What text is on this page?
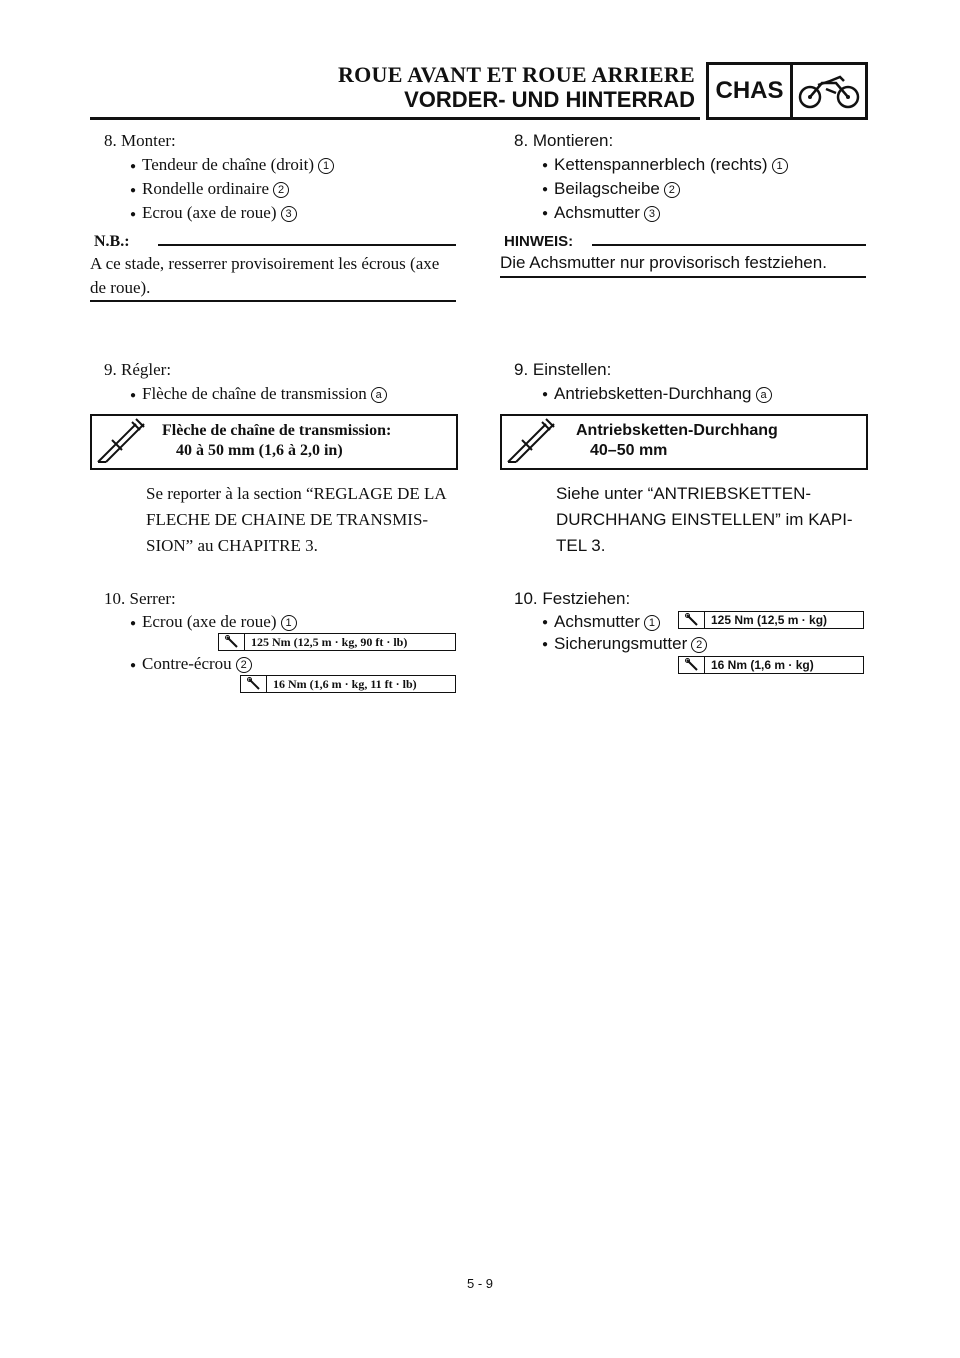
ROUE AVANT ET ROUE ARRIERE
VORDER- UND HINTERRAD CHAS
8. Monter:
● Tendeur de chaîne (droit) 1
● Rondelle ordinaire 2
● Ecrou (axe de roue) 3
N.B.:
A ce stade, resserrer provisoirement les écrous (axe
de roue).
9. Régler:
● Flèche de chaîne de transmission a
Flèche de chaîne de transmission:
40 à 50 mm (1,6 à 2,0 in)
Se reporter à la section “REGLAGE DE LA
FLECHE DE CHAINE DE TRANSMIS-
SION” au CHAPITRE 3.
10. Serrer:
● Ecrou (axe de roue) 1
125 Nm (12,5 m · kg, 90 ft · lb)
● Contre-écrou 2
16 Nm (1,6 m · kg, 11 ft · lb)
8. Montieren:
● Kettenspannerblech (rechts) 1
● Beilagscheibe 2
● Achsmutter 3
HINWEIS:
Die Achsmutter nur provisorisch festziehen.
9. Einstellen:
● Antriebsketten-Durchhang a
Antriebsketten-Durchhang
40–50 mm
Siehe unter “ANTRIEBSKETTEN-
DURCHHANG EINSTELLEN” im KAPI-
TEL 3.
10. Festziehen:
● Achsmutter 1	125 Nm (12,5 m · kg)
● Sicherungsmutter 2
16 Nm (1,6 m · kg)
5 - 9
